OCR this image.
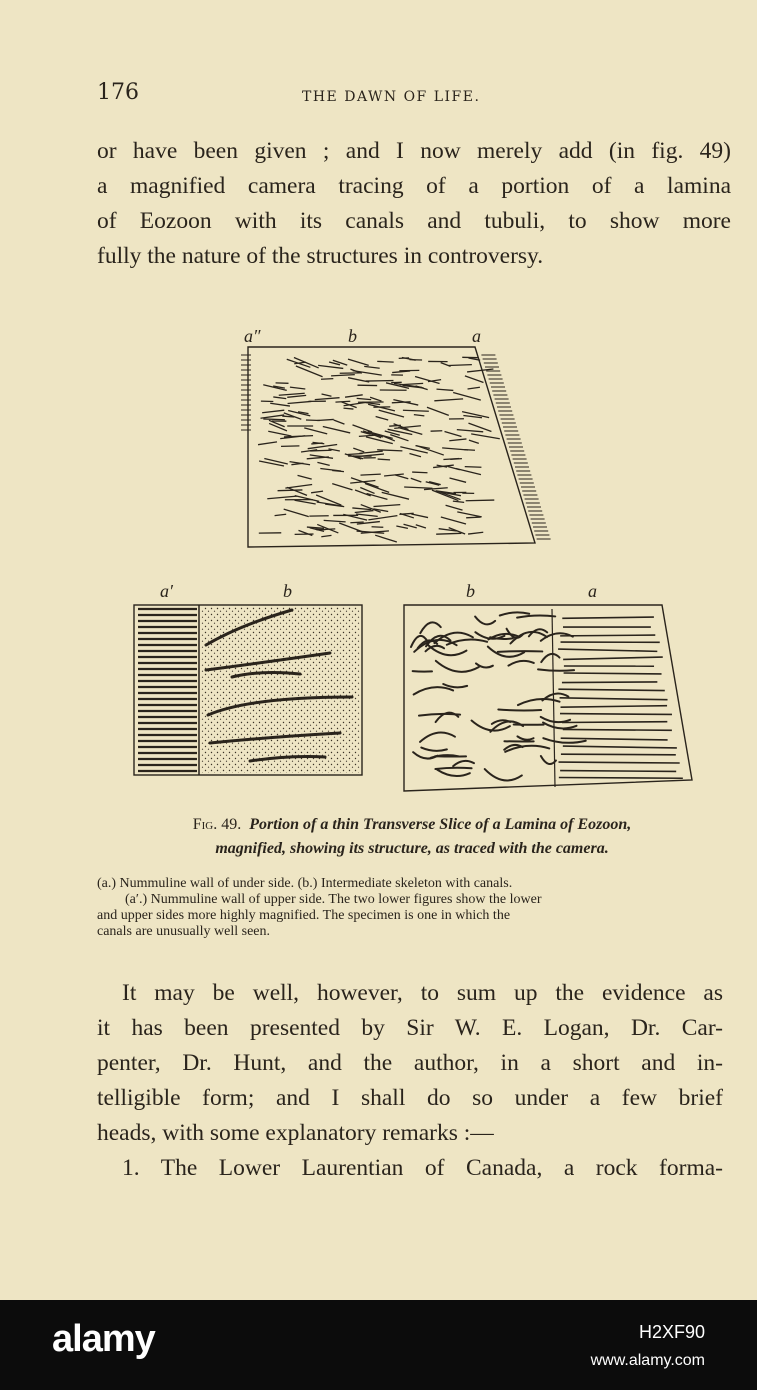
176	THE DAWN OF LIFE.
or have been given ; and I now merely add (in fig. 49)
a magnified camera tracing of a portion of a lamina
of Eozoon with its canals and tubuli, to show more
fully the nature of the structures in controversy.
a″	b	a
a′	b	b	a
Fig. 49. Portion of a thin Transverse Slice of a Lamina of Eozoon,
magnified, showing its structure, as traced with the camera.
(a.) Nummuline wall of under side. (b.) Intermediate skeleton with canals.
(a′.) Nummuline wall of upper side. The two lower figures show the lower
and upper sides more highly magnified. The specimen is one in which the
canals are unusually well seen.
It may be well, however, to sum up the evidence as
it has been presented by Sir W. E. Logan, Dr. Car-
penter, Dr. Hunt, and the author, in a short and in-
telligible form; and I shall do so under a few brief
heads, with some explanatory remarks :—
1. The Lower Laurentian of Canada, a rock forma-
alamy	H2XF90
www.alamy.com
